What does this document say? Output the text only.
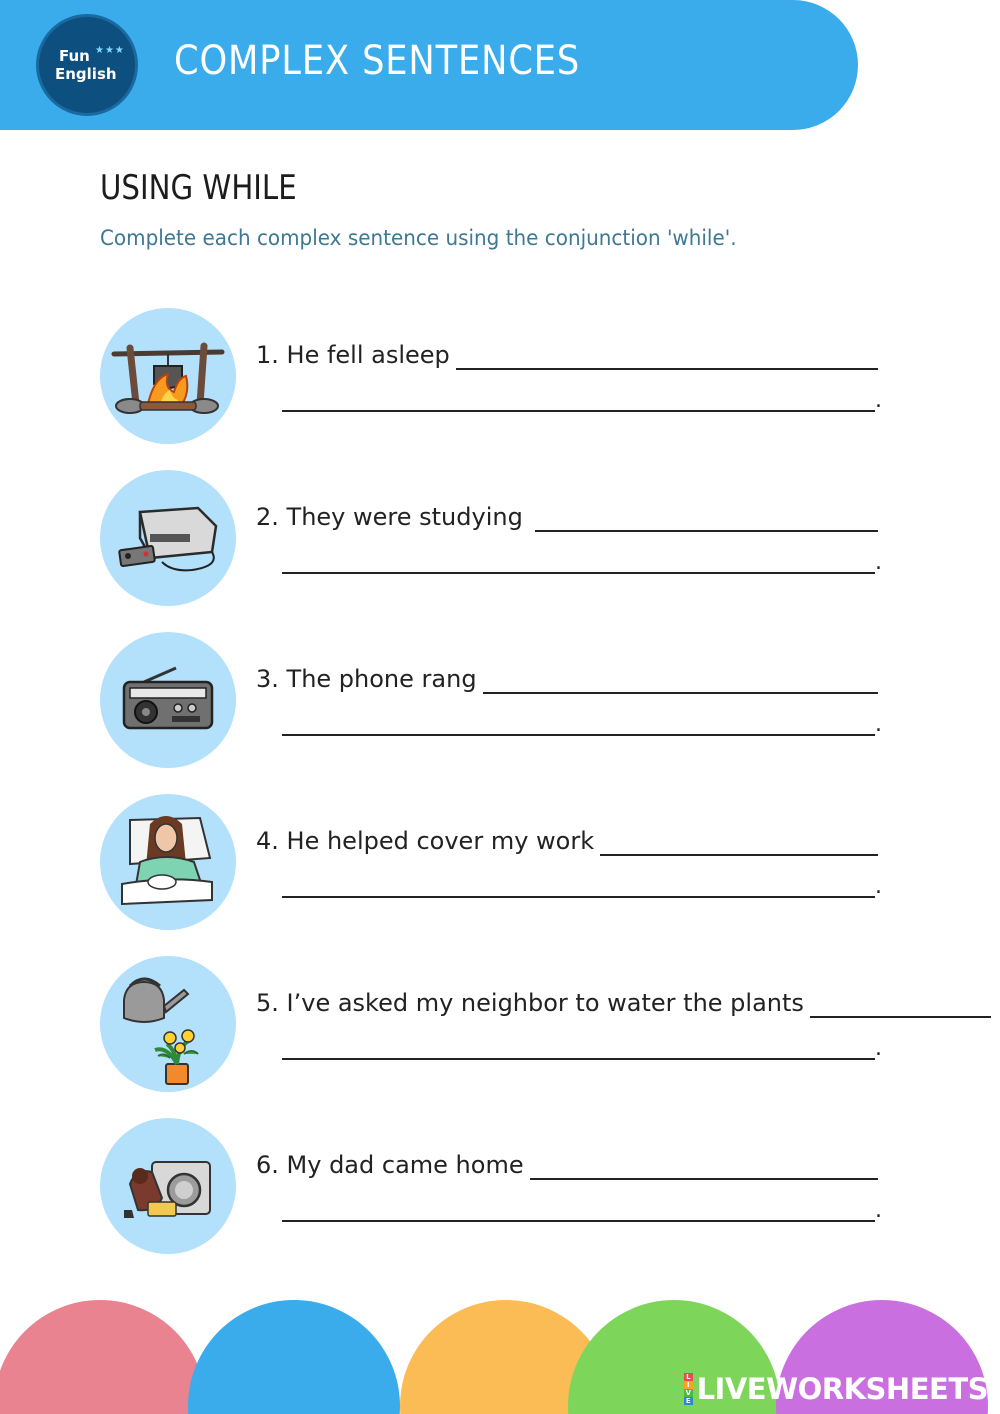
Fun ★★★
English COMPLEX SENTENCES
USING WHILE

Complete each complex sentence using the conjunction 'while'.

1. He fell asleep
.
2. They were studying
.
3. The phone rang
.
4. He helped cover my work
.
5. I’ve asked my neighbor to water the plants
.
6. My dad came home
.
L
I
V
E LIVEWORKSHEETS
